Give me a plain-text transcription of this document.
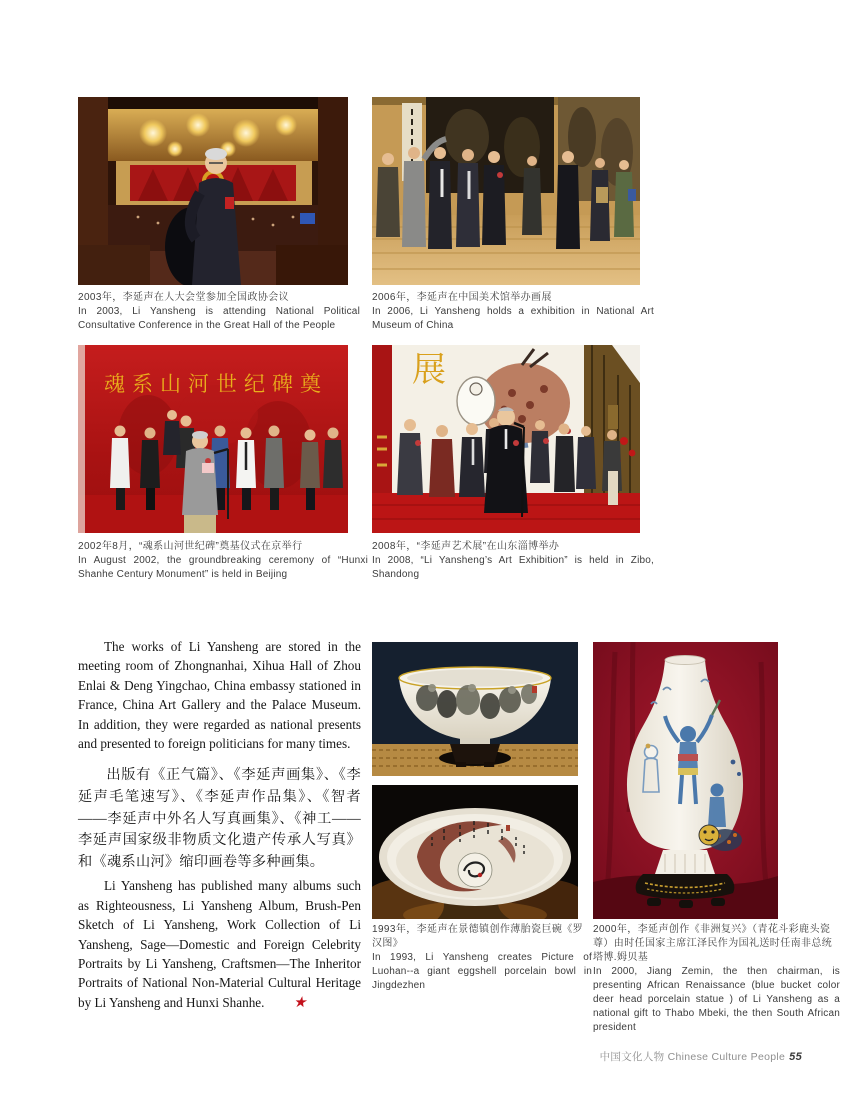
魂系山河世纪碑奠 展
2003年，李延声在人大会堂参加全国政协会议
In 2003, Li Yansheng is attending National Political Consultative Conference in the Great Hall of the People
2006年，李延声在中国美术馆举办画展
In 2006, Li Yansheng holds a exhibition in National Art Museum of China
2002年8月，“魂系山河世纪碑”奠基仪式在京举行
In August 2002, the groundbreaking ceremony of “Hunxi Shanhe Century Monument” is held in Beijing
2008年，“李延声艺术展”在山东淄博举办
In 2008, “Li Yansheng’s Art Exhibition” is held in Zibo, Shandong
1993年，李延声在景德镇创作薄胎瓷巨碗《罗汉图》
In 1993, Li Yansheng creates Picture of Luohan--a giant eggshell porcelain bowl in Jingdezhen
2000年，李延声创作《非洲复兴》（青花斗彩鹿头瓷尊）由时任国家主席江泽民作为国礼送时任南非总统塔博.姆贝基
In 2000, Jiang Zemin, the then chairman, is presenting African Renaissance (blue bucket color deer head porcelain statue ) of Li Yansheng as a national gift to Thabo Mbeki, the then South African president

The works of Li Yansheng are stored in the meeting room of Zhongnanhai, Xihua Hall of Zhou Enlai & Deng Yingchao, China embassy stationed in France, China Art Gallery and the Palace Museum. In addition, they were regarded as national presents and presented to foreign politicians for many times.

出版有《正气篇》、《李延声画集》、《李延声毛笔速写》、《李延声作品集》、《智者——李延声中外名人写真画集》、《神工——李延声国家级非物质文化遗产传承人写真》和《魂系山河》缩印画卷等多种画集。

Li Yansheng has published many albums such as Righteousness, Li Yansheng Album, Brush-Pen Sketch of Li Yansheng, Work Collection of Li Yansheng, Sage—Domestic and Foreign Celebrity Portraits by Li Yansheng, Craftsmen—The Inheritor Portraits of National Non-Material Cultural Heritage by Li Yansheng and Hunxi Shanhe. ★

中国文化人物 Chinese Culture People 55
